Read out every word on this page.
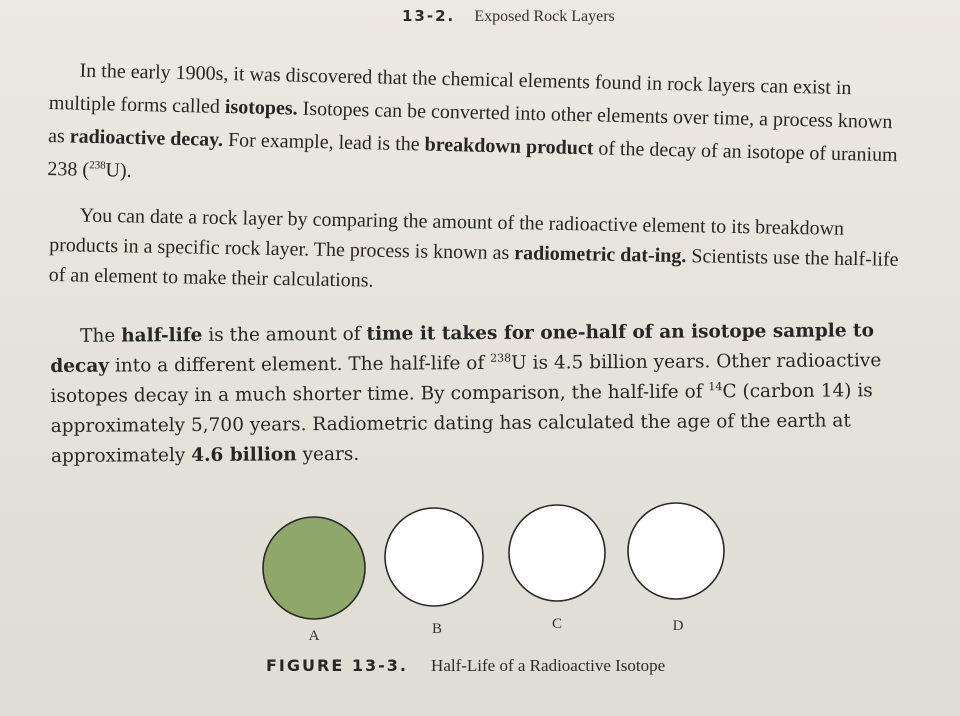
13-2. Exposed Rock Layers

In the early 1900s, it was discovered that the chemical elements found in rock layers can exist in multiple forms called isotopes. Isotopes can be converted into other elements over time, a process known as radioactive decay. For example, lead is the breakdown product of the decay of an isotope of uranium 238 ($^{238}$U).

You can date a rock layer by comparing the amount of the radioactive element to its breakdown products in a specific rock layer. The process is known as radiometric dat-ing. Scientists use the half-life of an element to make their calculations.

The half-life is the amount of time it takes for one-half of an isotope sample to decay into a different element. The half-life of $^{238}$U is 4.5 billion years. Other radioactive isotopes decay in a much shorter time. By comparison, the half-life of $^{14}$C (carbon 14) is approximately 5,700 years. Radiometric dating has calculated the age of the earth at approximately 4.6 billion years.

A	B	C	D
FIGURE 13-3. Half-Life of a Radioactive Isotope
